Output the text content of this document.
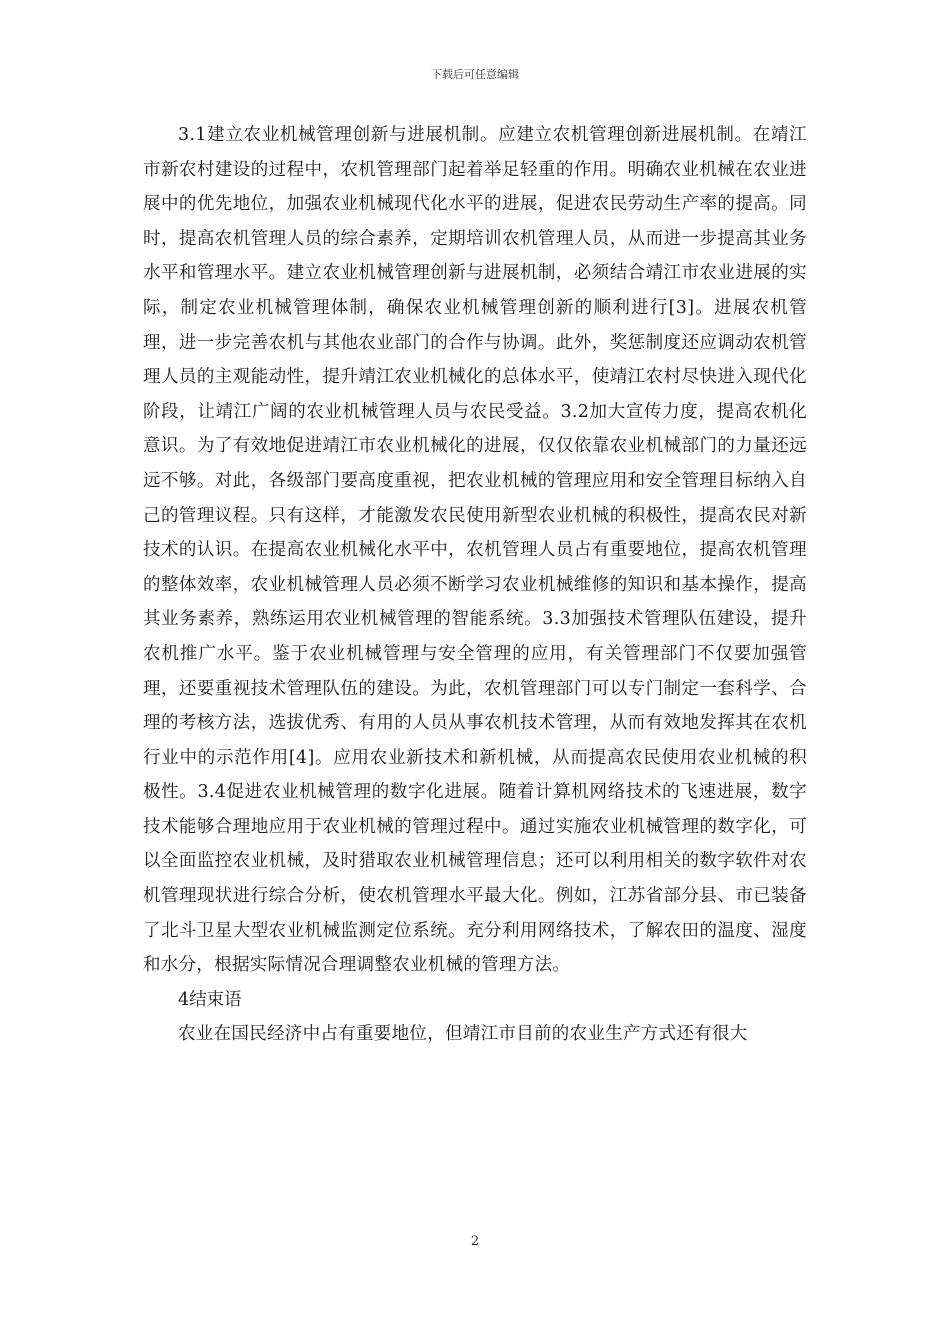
下载后可任意编辑

3.1建立农业机械管理创新与进展机制。应建立农机管理创新进展机制。在靖江市新农村建设的过程中，农机管理部门起着举足轻重的作用。明确农业机械在农业进展中的优先地位，加强农业机械现代化水平的进展，促进农民劳动生产率的提高。同时，提高农机管理人员的综合素养，定期培训农机管理人员，从而进一步提高其业务水平和管理水平。建立农业机械管理创新与进展机制，必须结合靖江市农业进展的实际，制定农业机械管理体制，确保农业机械管理创新的顺利进行[3]。进展农机管理，进一步完善农机与其他农业部门的合作与协调。此外，奖惩制度还应调动农机管理人员的主观能动性，提升靖江农业机械化的总体水平，使靖江农村尽快进入现代化阶段，让靖江广阔的农业机械管理人员与农民受益。3.2加大宣传力度，提高农机化意识。为了有效地促进靖江市农业机械化的进展，仅仅依靠农业机械部门的力量还远远不够。对此，各级部门要高度重视，把农业机械的管理应用和安全管理目标纳入自己的管理议程。只有这样，才能激发农民使用新型农业机械的积极性，提高农民对新技术的认识。在提高农业机械化水平中，农机管理人员占有重要地位，提高农机管理的整体效率，农业机械管理人员必须不断学习农业机械维修的知识和基本操作，提高其业务素养，熟练运用农业机械管理的智能系统。3.3加强技术管理队伍建设，提升农机推广水平。鉴于农业机械管理与安全管理的应用，有关管理部门不仅要加强管理，还要重视技术管理队伍的建设。为此，农机管理部门可以专门制定一套科学、合理的考核方法，选拔优秀、有用的人员从事农机技术管理，从而有效地发挥其在农机行业中的示范作用[4]。应用农业新技术和新机械，从而提高农民使用农业机械的积极性。3.4促进农业机械管理的数字化进展。随着计算机网络技术的飞速进展，数字技术能够合理地应用于农业机械的管理过程中。通过实施农业机械管理的数字化，可以全面监控农业机械，及时猎取农业机械管理信息；还可以利用相关的数字软件对农机管理现状进行综合分析，使农机管理水平最大化。例如，江苏省部分县、市已装备了北斗卫星大型农业机械监测定位系统。充分利用网络技术，了解农田的温度、湿度和水分，根据实际情况合理调整农业机械的管理方法。

4结束语

农业在国民经济中占有重要地位，但靖江市目前的农业生产方式还有很大

2
